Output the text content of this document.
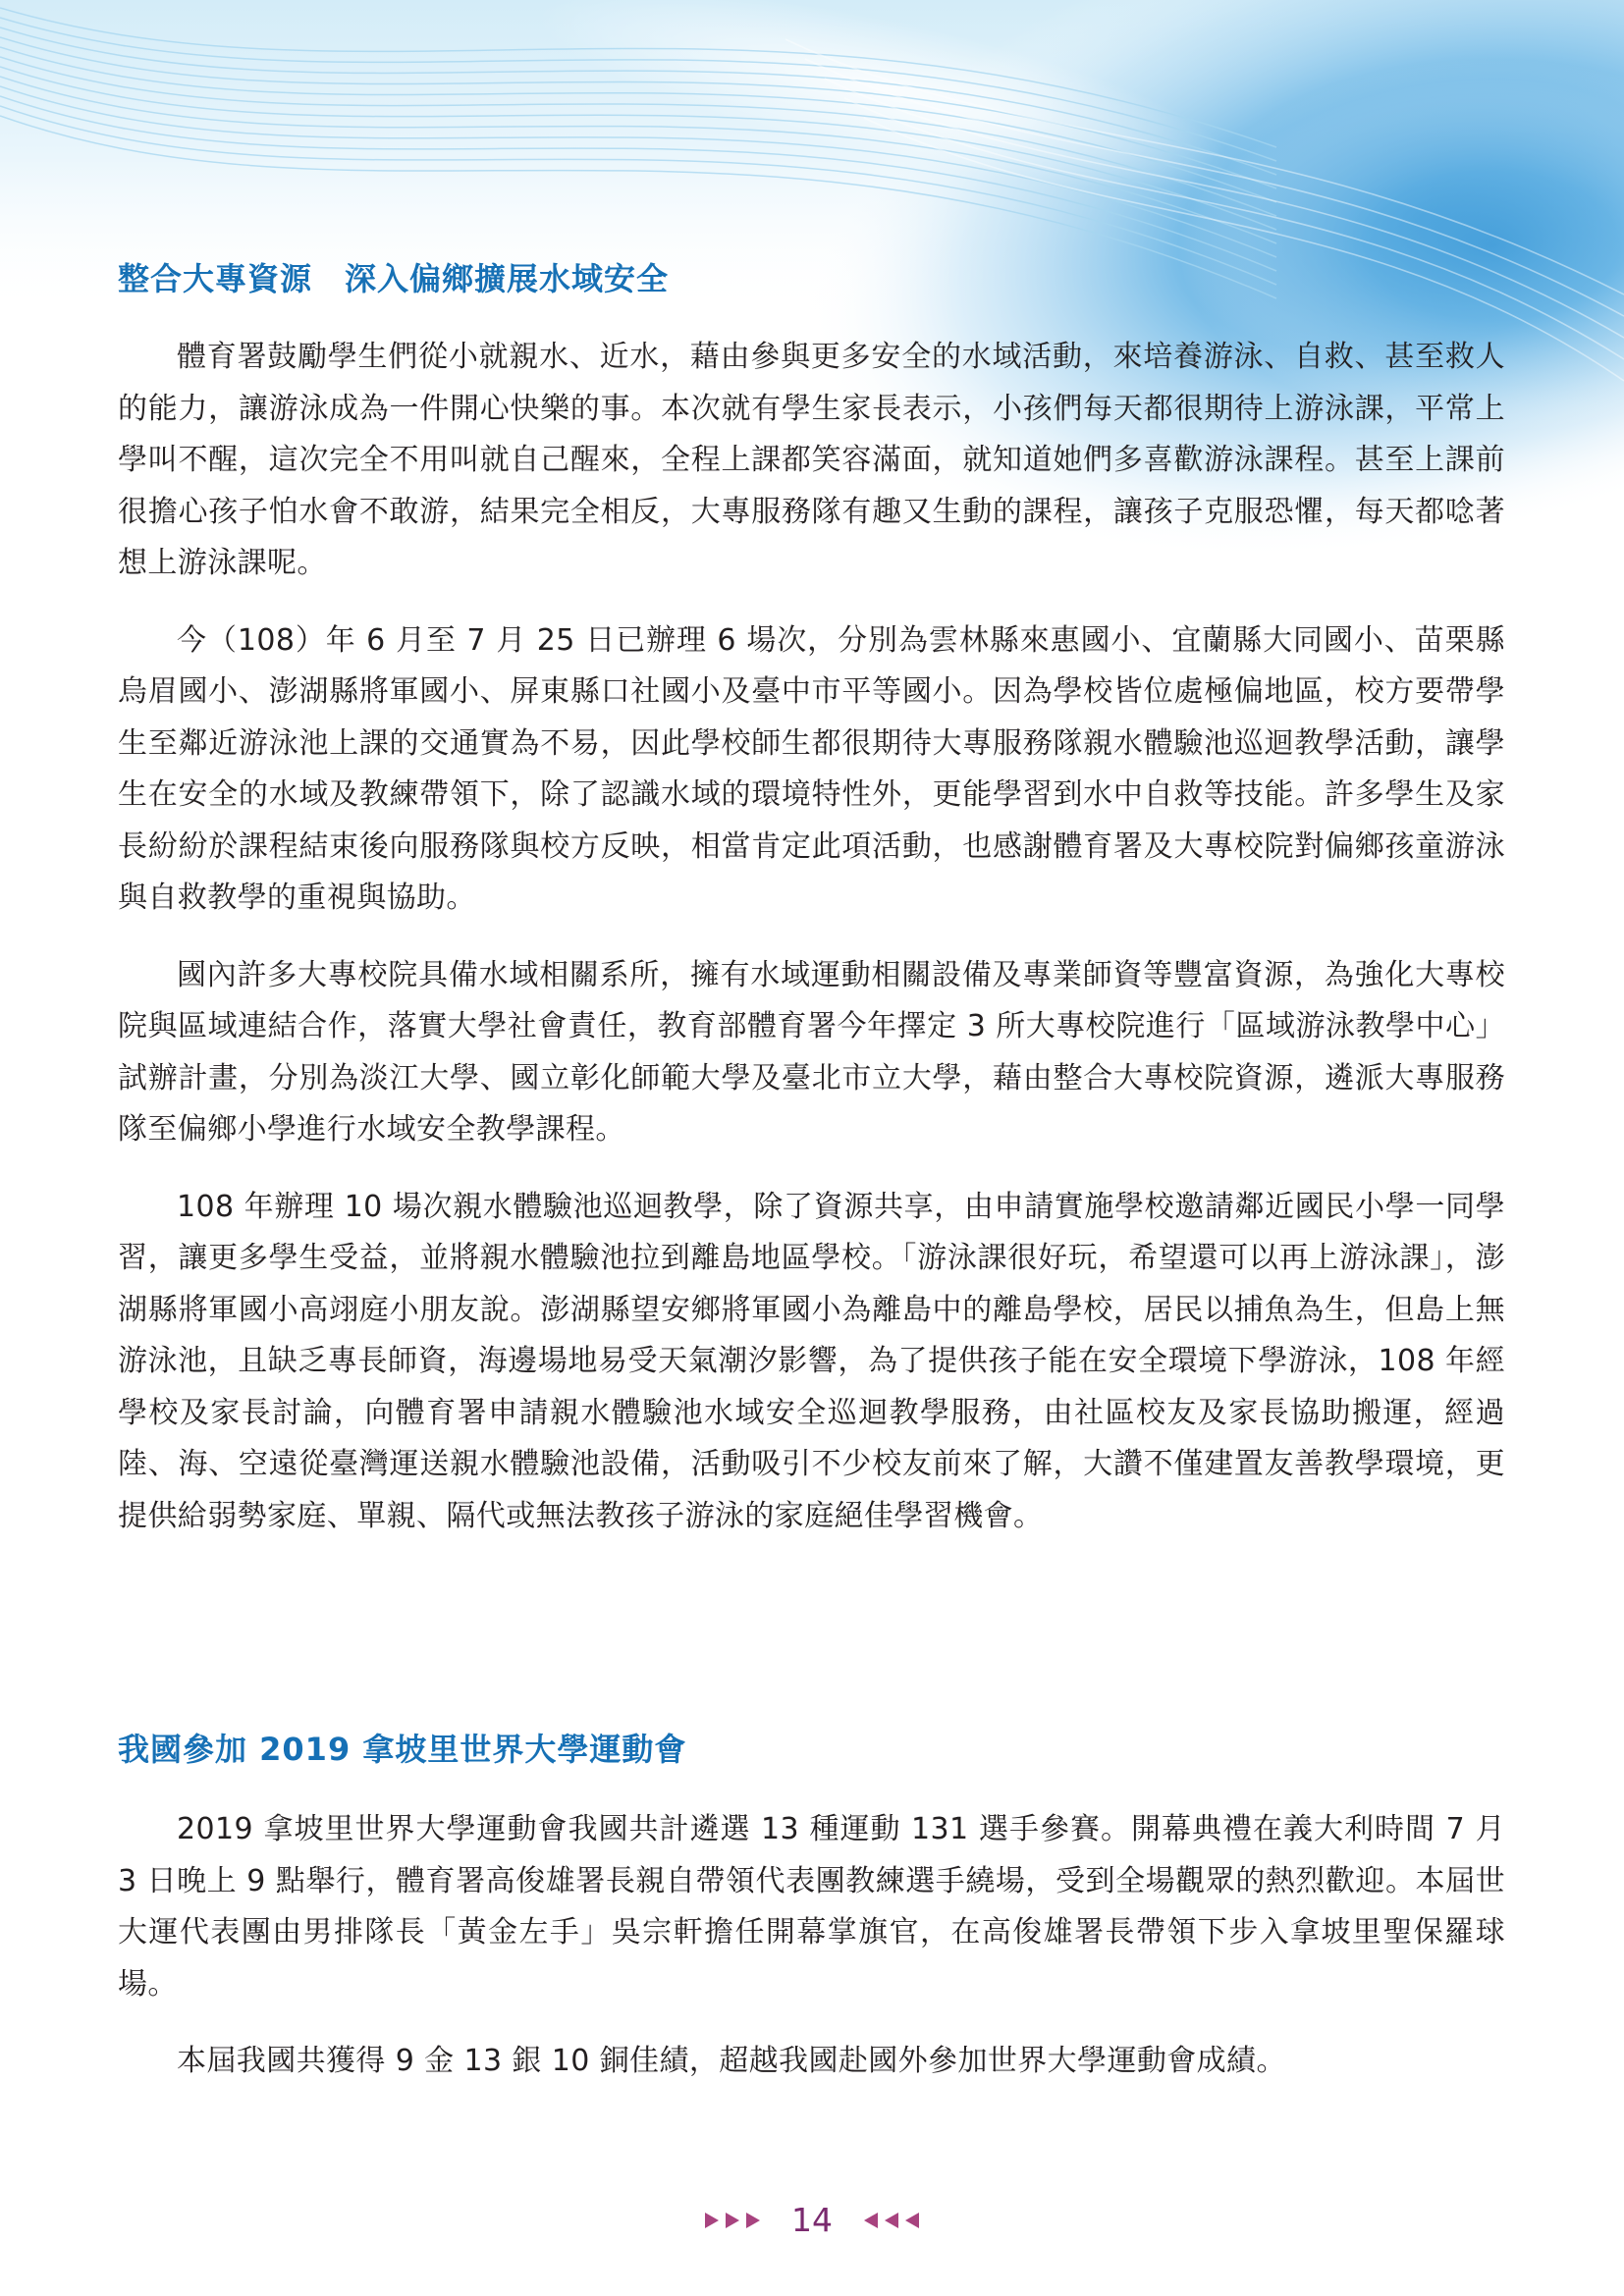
整合大專資源　深入偏鄉擴展水域安全

體育署鼓勵學生們從小就親水、近水，藉由參與更多安全的水域活動，來培養游泳、自救、甚至救人的能力，讓游泳成為一件開心快樂的事。本次就有學生家長表示，小孩們每天都很期待上游泳課，平常上學叫不醒，這次完全不用叫就自己醒來，全程上課都笑容滿面，就知道她們多喜歡游泳課程。甚至上課前很擔心孩子怕水會不敢游，結果完全相反，大專服務隊有趣又生動的課程，讓孩子克服恐懼，每天都唸著想上游泳課呢。

今（108）年 6 月至 7 月 25 日已辦理 6 場次，分別為雲林縣來惠國小、宜蘭縣大同國小、苗栗縣烏眉國小、澎湖縣將軍國小、屏東縣口社國小及臺中市平等國小。因為學校皆位處極偏地區，校方要帶學生至鄰近游泳池上課的交通實為不易，因此學校師生都很期待大專服務隊親水體驗池巡迴教學活動，讓學生在安全的水域及教練帶領下，除了認識水域的環境特性外，更能學習到水中自救等技能。許多學生及家長紛紛於課程結束後向服務隊與校方反映，相當肯定此項活動，也感謝體育署及大專校院對偏鄉孩童游泳與自救教學的重視與協助。

國內許多大專校院具備水域相關系所，擁有水域運動相關設備及專業師資等豐富資源，為強化大專校院與區域連結合作，落實大學社會責任，教育部體育署今年擇定 3 所大專校院進行「區域游泳教學中心」試辦計畫，分別為淡江大學、國立彰化師範大學及臺北市立大學，藉由整合大專校院資源，遴派大專服務隊至偏鄉小學進行水域安全教學課程。

108 年辦理 10 場次親水體驗池巡迴教學，除了資源共享，由申請實施學校邀請鄰近國民小學一同學習，讓更多學生受益，並將親水體驗池拉到離島地區學校。「游泳課很好玩，希望還可以再上游泳課」，澎湖縣將軍國小高翊庭小朋友說。澎湖縣望安鄉將軍國小為離島中的離島學校，居民以捕魚為生，但島上無游泳池，且缺乏專長師資，海邊場地易受天氣潮汐影響，為了提供孩子能在安全環境下學游泳，108 年經學校及家長討論，向體育署申請親水體驗池水域安全巡迴教學服務，由社區校友及家長協助搬運，經過陸、海、空遠從臺灣運送親水體驗池設備，活動吸引不少校友前來了解，大讚不僅建置友善教學環境，更提供給弱勢家庭、單親、隔代或無法教孩子游泳的家庭絕佳學習機會。

我國參加 2019 拿坡里世界大學運動會

2019 拿坡里世界大學運動會我國共計遴選 13 種運動 131 選手參賽。開幕典禮在義大利時間 7 月 3 日晚上 9 點舉行，體育署高俊雄署長親自帶領代表團教練選手繞場，受到全場觀眾的熱烈歡迎。本屆世大運代表團由男排隊長「黃金左手」吳宗軒擔任開幕掌旗官，在高俊雄署長帶領下步入拿坡里聖保羅球場。

本屆我國共獲得 9 金 13 銀 10 銅佳績，超越我國赴國外參加世界大學運動會成績。

14
